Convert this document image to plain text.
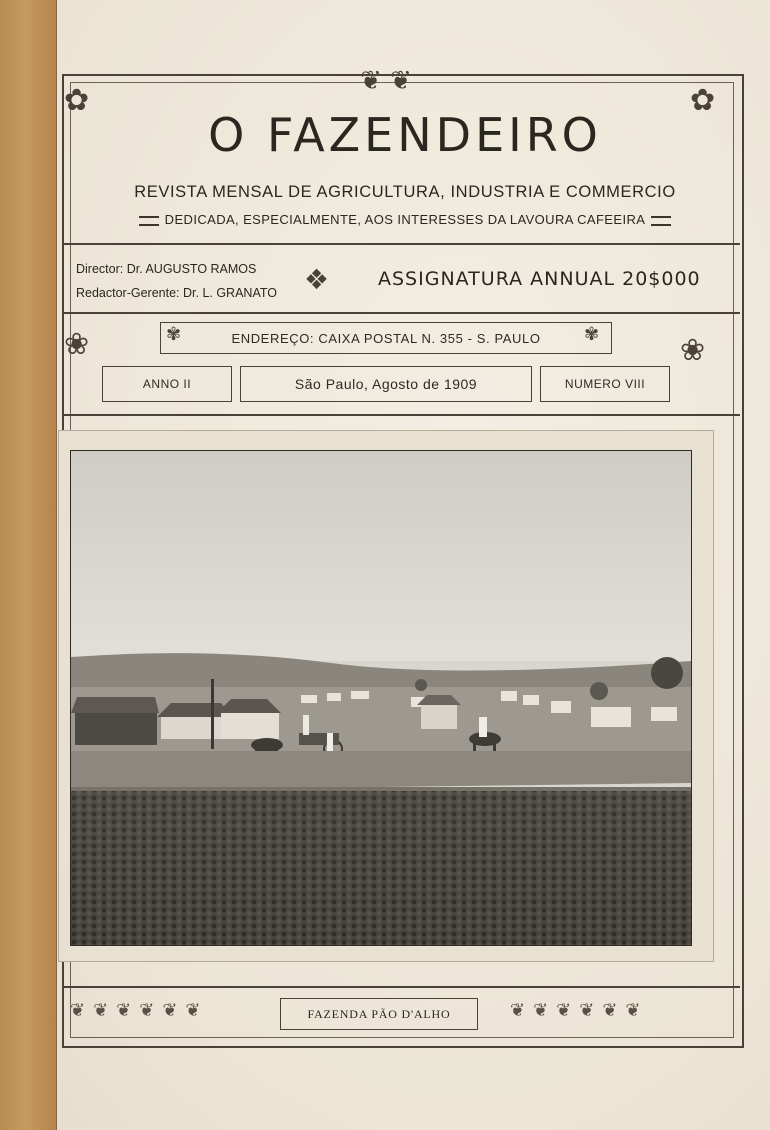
❦ ❦
✿	✿
❀	❀
O FAZENDEIRO
REVISTA MENSAL DE AGRICULTURA, INDUSTRIA E COMMERCIO
DEDICADA, ESPECIALMENTE, AOS INTERESSES DA LAVOURA CAFEEIRA
Director: Dr. AUGUSTO RAMOS
Redactor-Gerente: Dr. L. GRANATO ❖	ASSIGNATURA ANNUAL 20$000
✾	ENDEREÇO: CAIXA POSTAL N. 355 - S. PAULO ✾
ANNO II	São Paulo, Agosto de 1909	NUMERO VIII
❦❦❦❦❦❦	❦❦❦❦❦❦
FAZENDA PÃO D'ALHO
